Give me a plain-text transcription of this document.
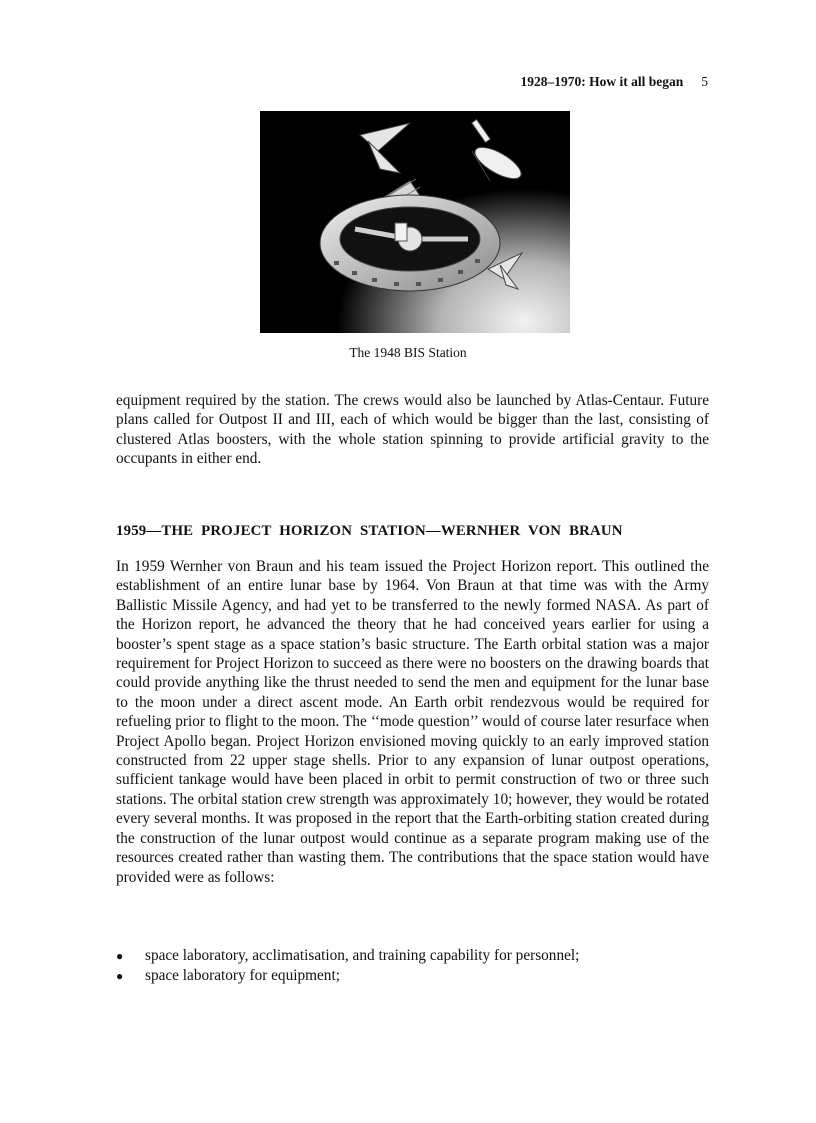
1928–1970: How it all began 5
The 1948 BIS Station

equipment required by the station. The crews would also be launched by Atlas-Centaur. Future plans called for Outpost II and III, each of which would be bigger than the last, consisting of clustered Atlas boosters, with the whole station spinning to provide artificial gravity to the occupants in either end.

1959—THE PROJECT HORIZON STATION—WERNHER VON BRAUN

In 1959 Wernher von Braun and his team issued the Project Horizon report. This outlined the establishment of an entire lunar base by 1964. Von Braun at that time was with the Army Ballistic Missile Agency, and had yet to be transferred to the newly formed NASA. As part of the Horizon report, he advanced the theory that he had conceived years earlier for using a booster’s spent stage as a space station’s basic structure. The Earth orbital station was a major requirement for Project Horizon to succeed as there were no boosters on the drawing boards that could provide anything like the thrust needed to send the men and equipment for the lunar base to the moon under a direct ascent mode. An Earth orbit rendezvous would be required for refueling prior to flight to the moon. The ‘‘mode question’’ would of course later resurface when Project Apollo began. Project Horizon envisioned moving quickly to an early improved station constructed from 22 upper stage shells. Prior to any expansion of lunar outpost operations, sufficient tankage would have been placed in orbit to permit construction of two or three such stations. The orbital station crew strength was approximately 10; however, they would be rotated every several months. It was proposed in the report that the Earth-orbiting station created during the construction of the lunar outpost would continue as a separate program making use of the resources created rather than wasting them. The contributions that the space station would have provided were as follows:

●	space laboratory, acclimatisation, and training capability for personnel;
●	space laboratory for equipment;
